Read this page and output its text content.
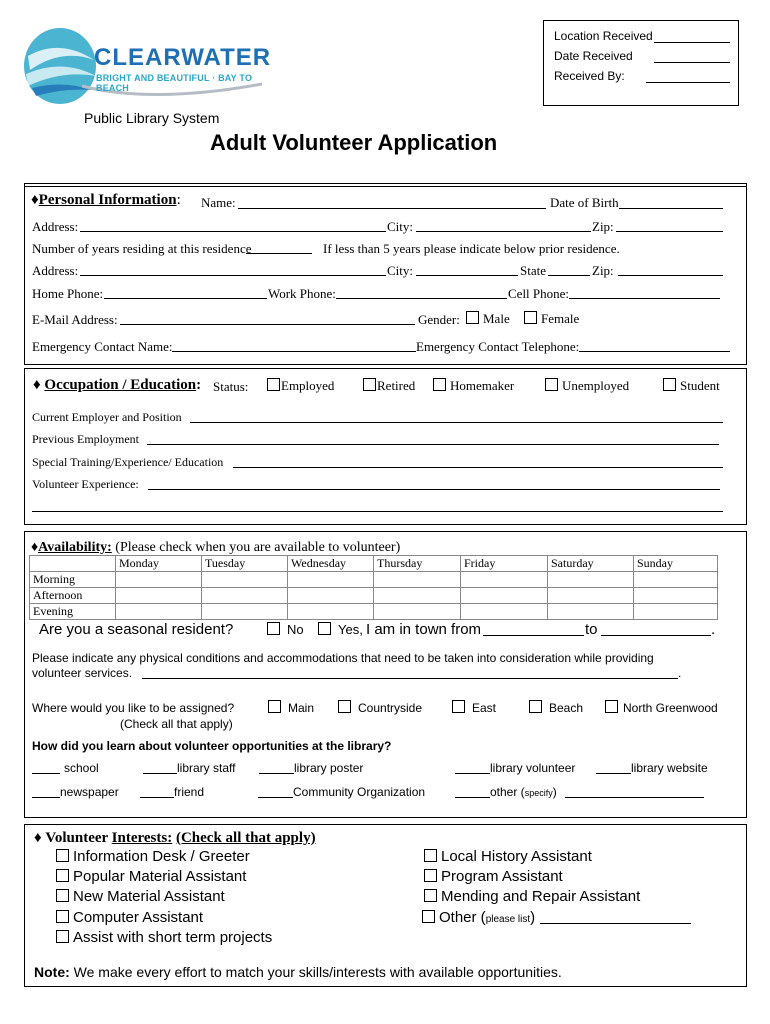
CLEARWATER
BRIGHT AND BEAUTIFUL · BAY TO BEACH
Location Received
Date Received
Received By:
Public Library System
Adult Volunteer Application
♦Personal Information: Name:	Date of Birth
Address:	City:	Zip:
Number of years residing at this residence	If less than 5 years please indicate below prior residence.
Address:	City:	State	Zip:
Home Phone:	Work Phone:	Cell Phone:
E-Mail Address:	Gender:	Male	Female
Emergency Contact Name:	Emergency Contact Telephone:
♦ Occupation / Education: Status:	Employed	Retired	Homemaker	Unemployed	Student
Current Employer and Position
Previous Employment
Special Training/Experience/ Education
Volunteer Experience:
♦Availability: (Please check when you are available to volunteer)
	Monday	Tuesday	Wednesday	Thursday	Friday	Saturday	Sunday
Morning							
Afternoon							
Evening							
Are you a seasonal resident?	No	Yes, I am in town from	to	.
Please indicate any physical conditions and accommodations that need to be taken into consideration while providing
volunteer services.	.
Where would you like to be assigned?
(Check all that apply)
Main	Countryside	East	Beach	North Greenwood
How did you learn about volunteer opportunities at the library?
school	library staff	library poster	library volunteer	library website
newspaper	friend	Community Organization	other (specify)
♦ Volunteer Interests: (Check all that apply)
Information Desk / Greeter
Popular Material Assistant
New Material Assistant
Computer Assistant
Assist with short term projects
Local History Assistant
Program Assistant
Mending and Repair Assistant
Other (please list)
Note: We make every effort to match your skills/interests with available opportunities.
